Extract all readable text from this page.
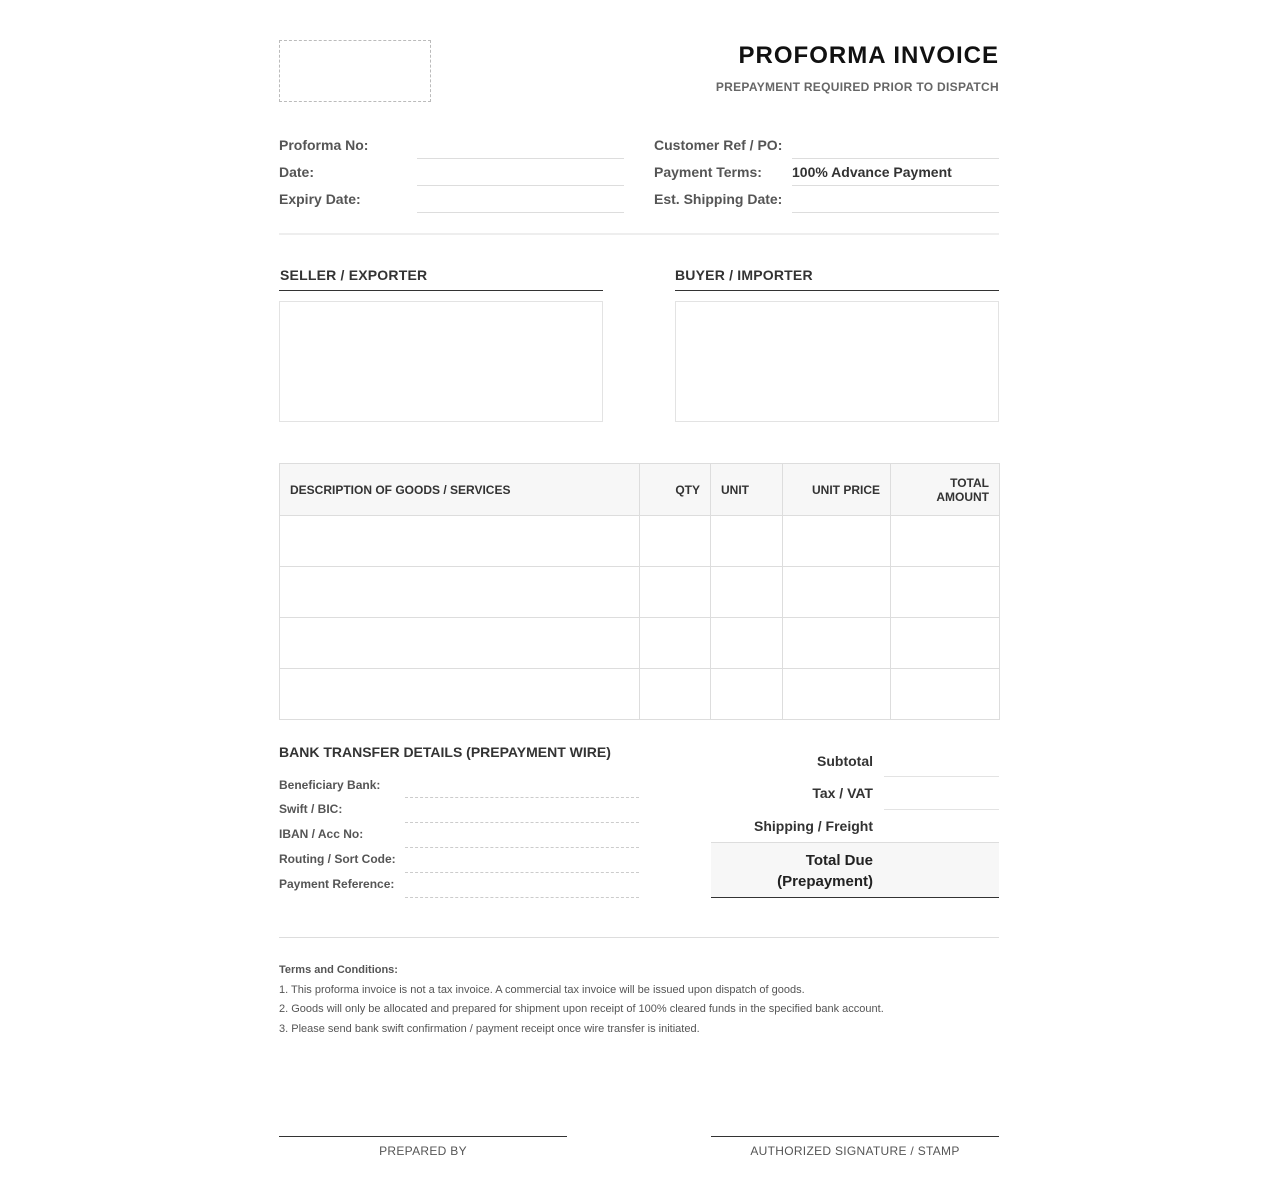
PROFORMA INVOICE
PREPAYMENT REQUIRED PRIOR TO DISPATCH
Proforma No:
Date:
Expiry Date:
Customer Ref / PO:
Payment Terms: 100% Advance Payment
Est. Shipping Date:
SELLER / EXPORTER	BUYER / IMPORTER
DESCRIPTION OF GOODS / SERVICES	QTY	UNIT	UNIT PRICE	TOTAL AMOUNT

BANK TRANSFER DETAILS (PREPAYMENT WIRE)
Beneficiary Bank:
Swift / BIC:
IBAN / Acc No:
Routing / Sort Code:
Payment Reference:
Subtotal
Tax / VAT
Shipping / Freight
Total Due
(Prepayment)
Terms and Conditions:
1. This proforma invoice is not a tax invoice. A commercial tax invoice will be issued upon dispatch of goods.
2. Goods will only be allocated and prepared for shipment upon receipt of 100% cleared funds in the specified bank account.
3. Please send bank swift confirmation / payment receipt once wire transfer is initiated.
PREPARED BY	AUTHORIZED SIGNATURE / STAMP
